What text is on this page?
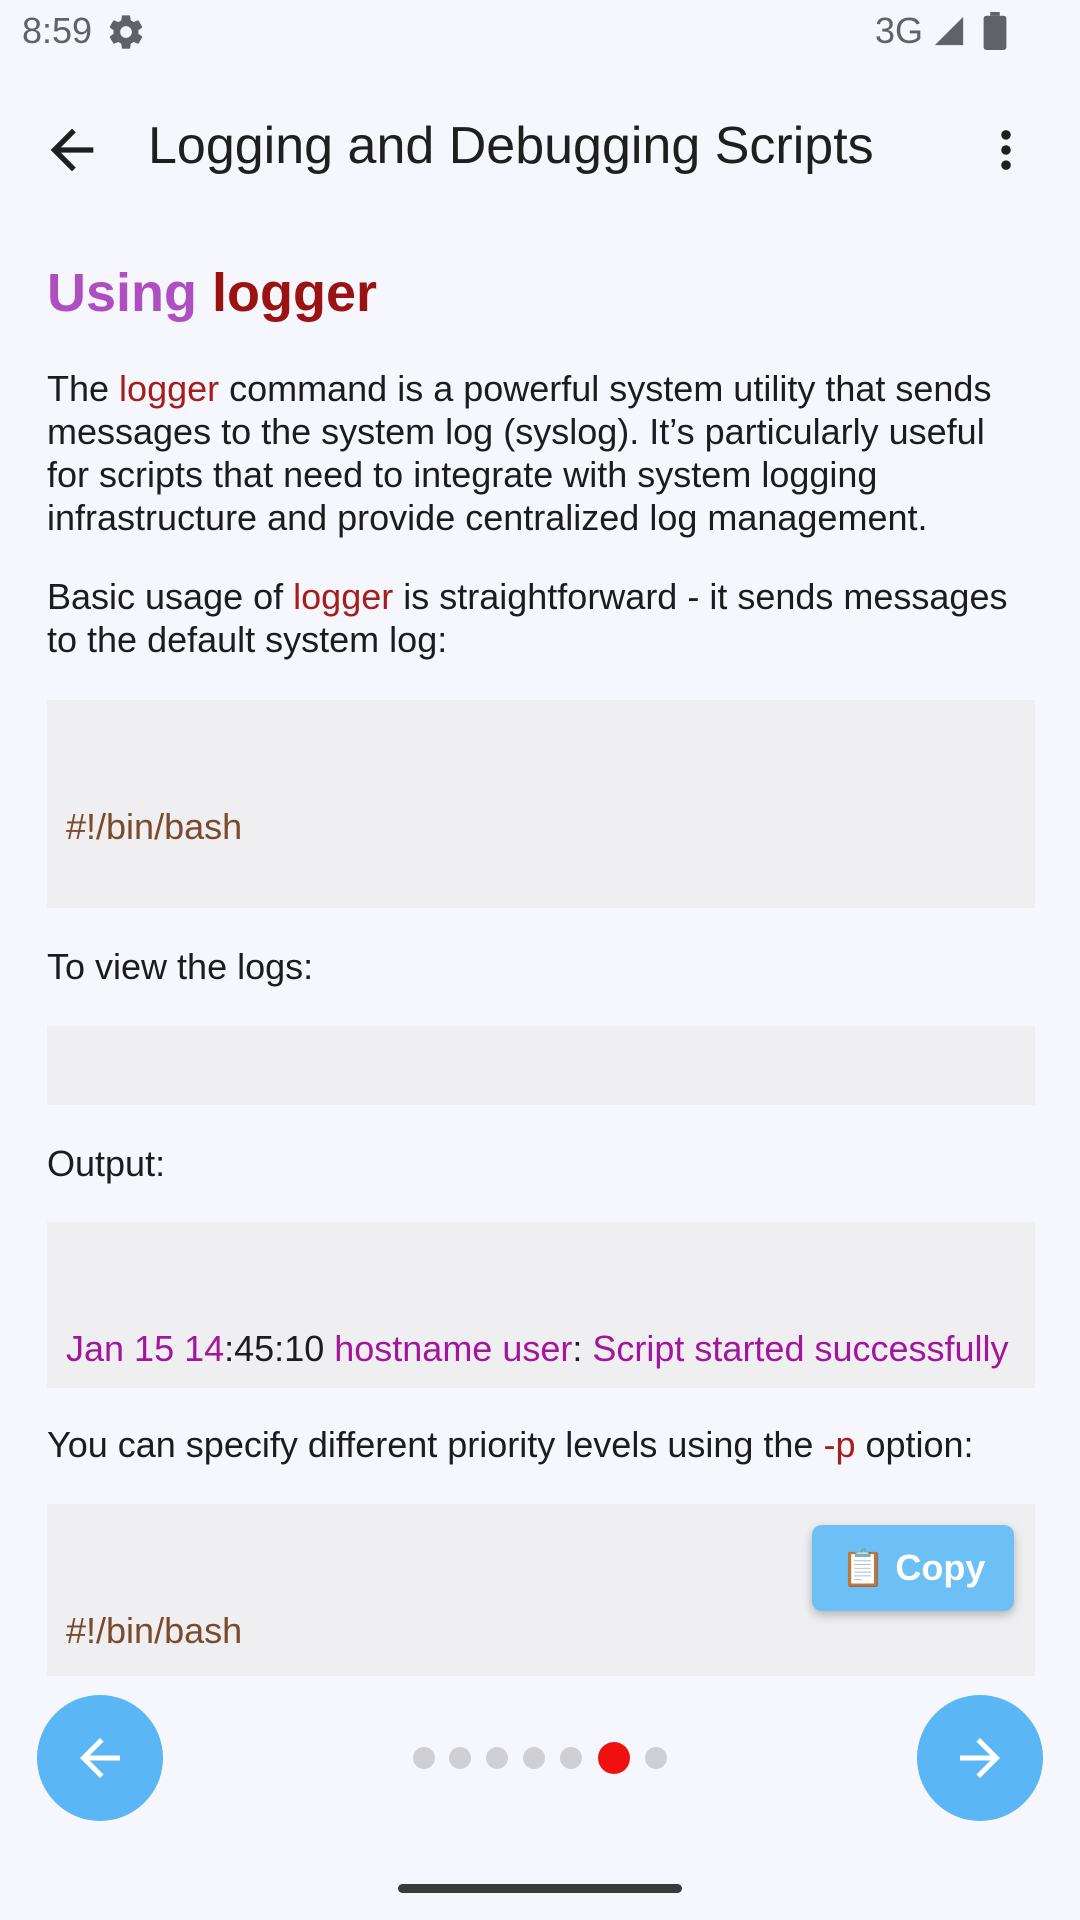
8:59	3G
Logging and Debugging Scripts
Using logger
The logger command is a powerful system utility that sends messages to the system log (syslog). It’s particularly useful for scripts that need to integrate with system logging infrastructure and provide centralized log management.
Basic usage of logger is straightforward - it sends messages to the default system log:

#!/bin/bash

To view the logs:

Output:

Jan 15 14:45:10 hostname user: Script started successfully

You can specify different priority levels using the -p option:

#!/bin/bash

📋 Copy
